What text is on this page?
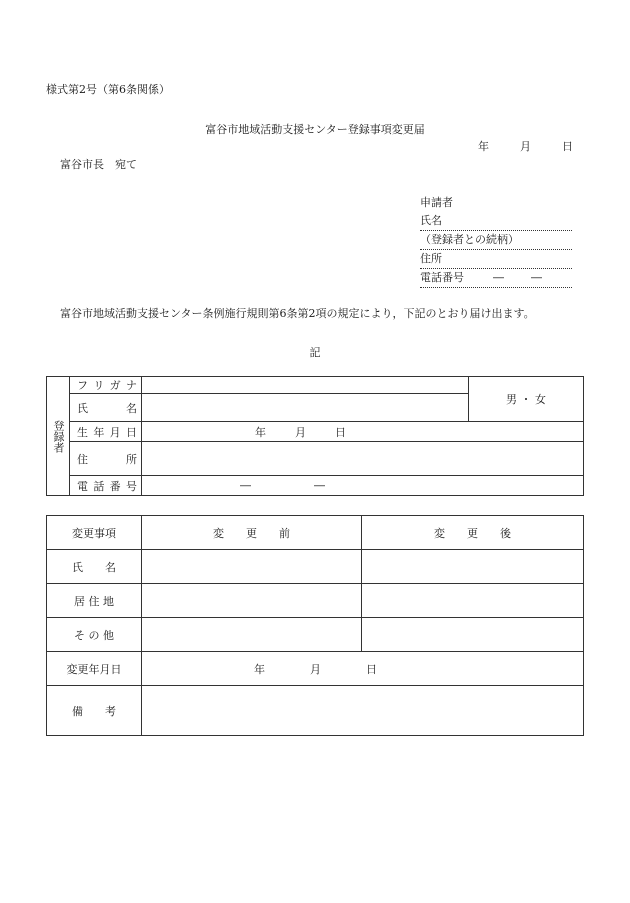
様式第2号（第6条関係）
富谷市地域活動支援センター登録事項変更届
年	月	日
富谷市長　宛て
申請者
氏名
（登録者との続柄）
住所
電話番号	― ―
富谷市地域活動支援センター条例施行規則第6条第2項の規定により，下記のとおり届け出ます。
記
登録者	フ リ ガ ナ		男 ・ 女

	氏 名		

	生 年 月 日	年 月 日	

	住 所		

	電 話 番 号	― ―	
変更事項	変　　更　　前	変　　更　　後
氏　　名		
居 住 地		
そ の 他		
変更年月日	年 月 日	
備　　考		
